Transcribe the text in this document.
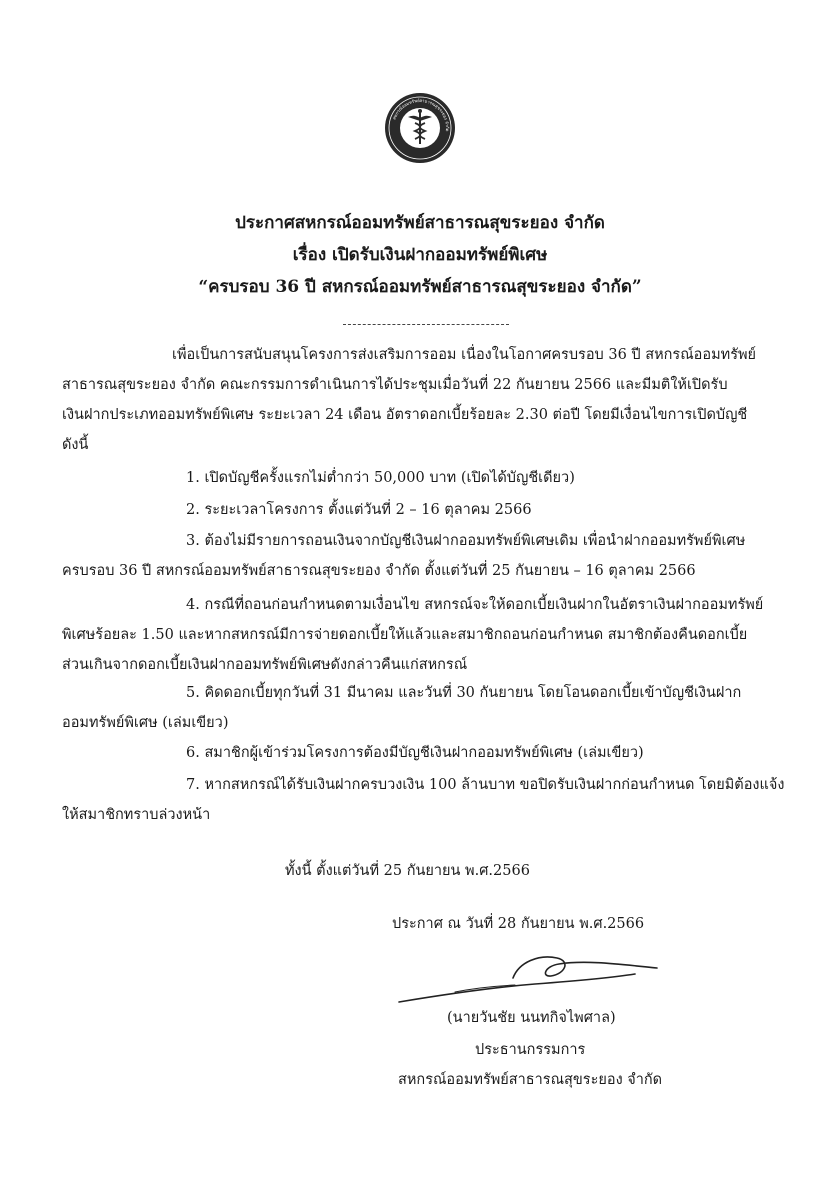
สหกรณ์ออมทรัพย์สาธารณสุขระยอง จำกัด
ประกาศสหกรณ์ออมทรัพย์สาธารณสุขระยอง จำกัด
เรื่อง เปิดรับเงินฝากออมทรัพย์พิเศษ
“ครบรอบ 36 ปี สหกรณ์ออมทรัพย์สาธารณสุขระยอง จำกัด”
เพื่อเป็นการสนับสนุนโครงการส่งเสริมการออม เนื่องในโอกาศครบรอบ 36 ปี สหกรณ์ออมทรัพย์
สาธารณสุขระยอง จำกัด คณะกรรมการดำเนินการได้ประชุมเมื่อวันที่ 22 กันยายน 2566 และมีมติให้เปิดรับ
เงินฝากประเภทออมทรัพย์พิเศษ ระยะเวลา 24 เดือน อัตราดอกเบี้ยร้อยละ 2.30 ต่อปี โดยมีเงื่อนไขการเปิดบัญชี
ดังนี้
1. เปิดบัญชีครั้งแรกไม่ต่ำกว่า 50,000 บาท (เปิดได้บัญชีเดียว)
2. ระยะเวลาโครงการ ตั้งแต่วันที่ 2 – 16 ตุลาคม 2566
3. ต้องไม่มีรายการถอนเงินจากบัญชีเงินฝากออมทรัพย์พิเศษเดิม เพื่อนำฝากออมทรัพย์พิเศษ
ครบรอบ 36 ปี สหกรณ์ออมทรัพย์สาธารณสุขระยอง จำกัด ตั้งแต่วันที่ 25 กันยายน – 16 ตุลาคม 2566
4. กรณีที่ถอนก่อนกำหนดตามเงื่อนไข สหกรณ์จะให้ดอกเบี้ยเงินฝากในอัตราเงินฝากออมทรัพย์
พิเศษร้อยละ 1.50 และหากสหกรณ์มีการจ่ายดอกเบี้ยให้แล้วและสมาชิกถอนก่อนกำหนด สมาชิกต้องคืนดอกเบี้ย
ส่วนเกินจากดอกเบี้ยเงินฝากออมทรัพย์พิเศษดังกล่าวคืนแก่สหกรณ์
5. คิดดอกเบี้ยทุกวันที่ 31 มีนาคม และวันที่ 30 กันยายน โดยโอนดอกเบี้ยเข้าบัญชีเงินฝาก
ออมทรัพย์พิเศษ (เล่มเขียว)
6. สมาชิกผู้เข้าร่วมโครงการต้องมีบัญชีเงินฝากออมทรัพย์พิเศษ (เล่มเขียว)
7. หากสหกรณ์ได้รับเงินฝากครบวงเงิน 100 ล้านบาท ขอปิดรับเงินฝากก่อนกำหนด โดยมิต้องแจ้ง
ให้สมาชิกทราบล่วงหน้า
ทั้งนี้ ตั้งแต่วันที่ 25 กันยายน พ.ศ.2566
ประกาศ ณ วันที่ 28 กันยายน พ.ศ.2566
(นายวันชัย นนทกิจไพศาล)
ประธานกรรมการ
สหกรณ์ออมทรัพย์สาธารณสุขระยอง จำกัด
